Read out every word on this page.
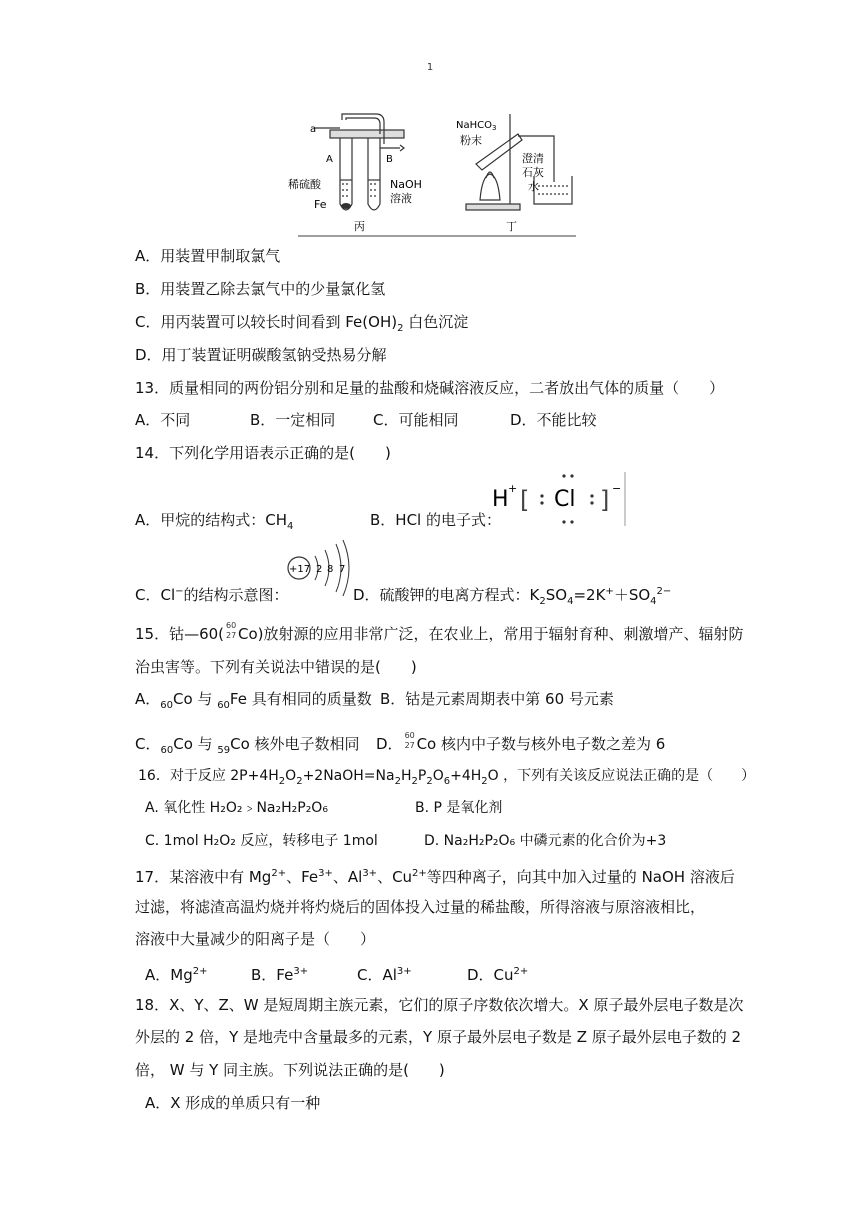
1
a
A	B
稀硫酸
Fe
NaOH
溶液
丙
NaHCO$_3$
粉末
澄清
石灰
水
丁
A．用装置甲制取氯气
B．用装置乙除去氯气中的少量氯化氢
C．用丙装置可以较长时间看到 $Fe(OH)_2$ 白色沉淀
D．用丁装置证明碳酸氢钠受热易分解
13．质量相同的两份铝分别和足量的盐酸和烧碱溶液反应，二者放出气体的质量（　　）
A．不同	B．一定相同	C．可能相同	D．不能比较
14．下列化学用语表示正确的是(　　)
A．甲烷的结构式：$CH_4$	B．HCl 的电子式：
H + [ Cl ] −
C．Cl−的结构示意图：
+17 2 8 7
D．硫酸钾的电离方程式：$K_2SO_4=2K^++SO_4^{2-}$
15．钴—60( 60
27 Co)放射源的应用非常广泛，在农业上，常用于辐射育种、刺激增产、辐射防
治虫害等。下列有关说法中错误的是(　　)
A．$_{60}$Co 与 $_{60}$Fe 具有相同的质量数 B．钴是元素周期表中第 60 号元素
C．$_{60}$Co 与 $_{59}$Co 核外电子数相同 D． 60
27 Co 核内中子数与核外电子数之差为 6
16．对于反应 $2P+4H_2O_2+2NaOH=Na_2H_2P_2O_6+4H_2O$ ，下列有关该反应说法正确的是（　　）
A. 氧化性 H₂O₂﹥Na₂H₂P₂O₆	B. P 是氧化剂
C. 1mol H₂O₂ 反应，转移电子 1mol	D. Na₂H₂P₂O₆ 中磷元素的化合价为+3
17．某溶液中有 $Mg^{2+}$、$Fe^{3+}$、$Al^{3+}$、$Cu^{2+}$等四种离子，向其中加入过量的 NaOH 溶液后
过滤，将滤渣高温灼烧并将灼烧后的固体投入过量的稀盐酸，所得溶液与原溶液相比，
溶液中大量减少的阳离子是（　　）
A．$Mg^{2+}$	B．$Fe^{3+}$	C．$Al^{3+}$	D．$Cu^{2+}$
18．X、Y、Z、W 是短周期主族元素，它们的原子序数依次增大。X 原子最外层电子数是次
外层的 2 倍，Y 是地壳中含量最多的元素，Y 原子最外层电子数是 Z 原子最外层电子数的 2
倍， W 与 Y 同主族。下列说法正确的是(　　)
A．X 形成的单质只有一种
